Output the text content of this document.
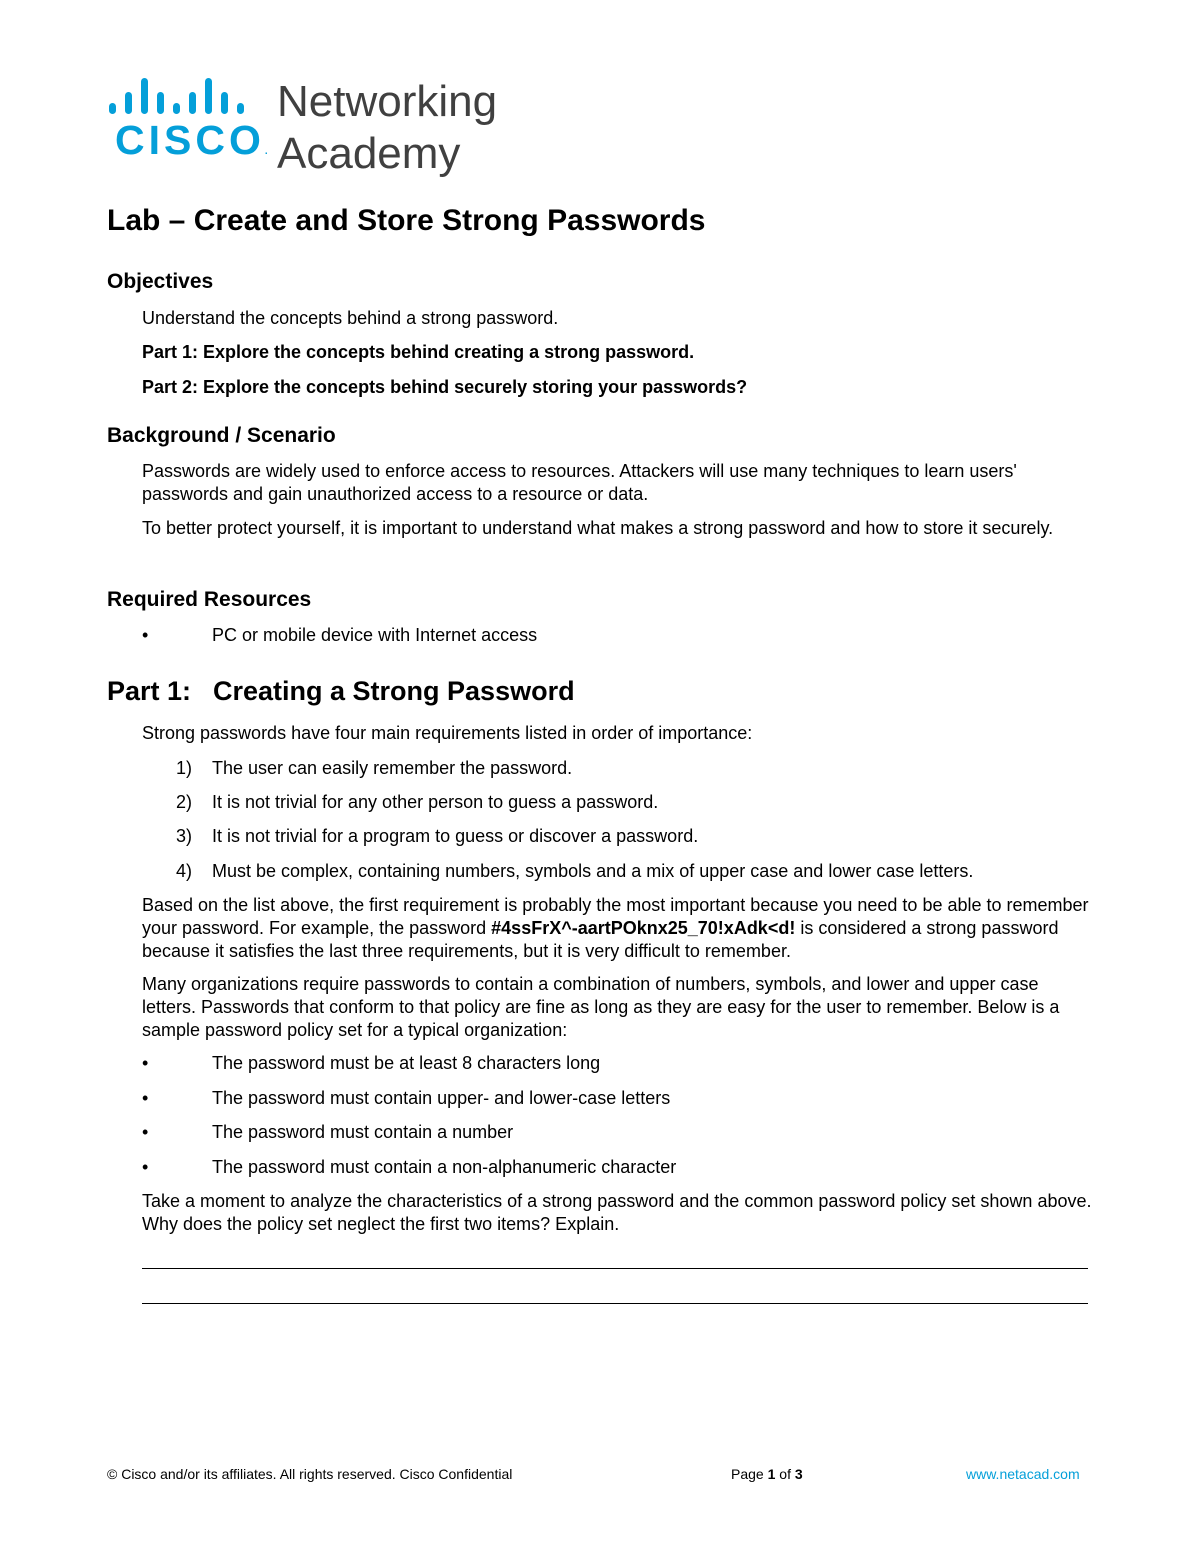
CISCO.
Networking
Academy
Lab – Create and Store Strong Passwords
Objectives

Understand the concepts behind a strong password.

Part 1: Explore the concepts behind creating a strong password.

Part 2: Explore the concepts behind securely storing your passwords?

Background / Scenario

Passwords are widely used to enforce access to resources. Attackers will use many techniques to learn users' passwords and gain unauthorized access to a resource or data.

To better protect yourself, it is important to understand what makes a strong password and how to store it securely.

Required Resources
•	PC or mobile device with Internet access
Part 1: Creating a Strong Password

Strong passwords have four main requirements listed in order of importance:

1) The user can easily remember the password.
2) It is not trivial for any other person to guess a password.
3) It is not trivial for a program to guess or discover a password.
4) Must be complex, containing numbers, symbols and a mix of upper case and lower case letters.

Based on the list above, the first requirement is probably the most important because you need to be able to remember your password. For example, the password #4ssFrX^-aartPOknx25_70!xAdk<d! is considered a strong password because it satisfies the last three requirements, but it is very difficult to remember.

Many organizations require passwords to contain a combination of numbers, symbols, and lower and upper case letters. Passwords that conform to that policy are fine as long as they are easy for the user to remember. Below is a sample password policy set for a typical organization:

•	The password must be at least 8 characters long
•	The password must contain upper- and lower-case letters
•	The password must contain a number
•	The password must contain a non-alphanumeric character

Take a moment to analyze the characteristics of a strong password and the common password policy set shown above. Why does the policy set neglect the first two items? Explain.

© Cisco and/or its affiliates. All rights reserved. Cisco Confidential	Page 1 of 3	www.netacad.com
